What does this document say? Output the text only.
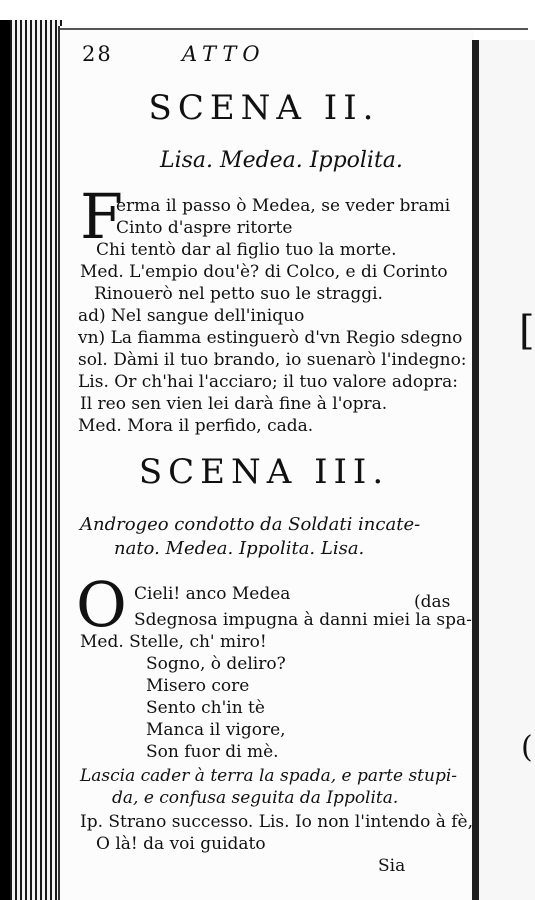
[
(
28	ATTO
SCENA II.
Lisa. Medea. Ippolita.
F
erma il passo ò Medea, se veder brami
Cinto d'aspre ritorte
Chi tentò dar al figlio tuo la morte.
Med. L'empio dou'è? di Colco, e di Corinto
Rinouerò nel petto suo le straggi.
ad) Nel sangue dell'iniquo
vn) La fiamma estinguerò d'vn Regio sdegno
sol. Dàmi il tuo brando, io suenarò l'indegno:
Lis. Or ch'hai l'acciaro; il tuo valore adopra:
Il reo sen vien lei darà fine à l'opra.
Med. Mora il perfido, cada.
SCENA III.
Androgeo condotto da Soldati incate-
nato. Medea. Ippolita. Lisa.
O Cieli! anco Medea	(das
Sdegnosa impugna à danni miei la spa-
Med. Stelle, ch' miro!
Sogno, ò deliro?
Misero core
Sento ch'in tè
Manca il vigore,
Son fuor di mè.
Lascia cader à terra la spada, e parte stupi-
da, e confusa seguita da Ippolita.
Ip. Strano successo. Lis. Io non l'intendo à fè,
O là! da voi guidato
Sia
